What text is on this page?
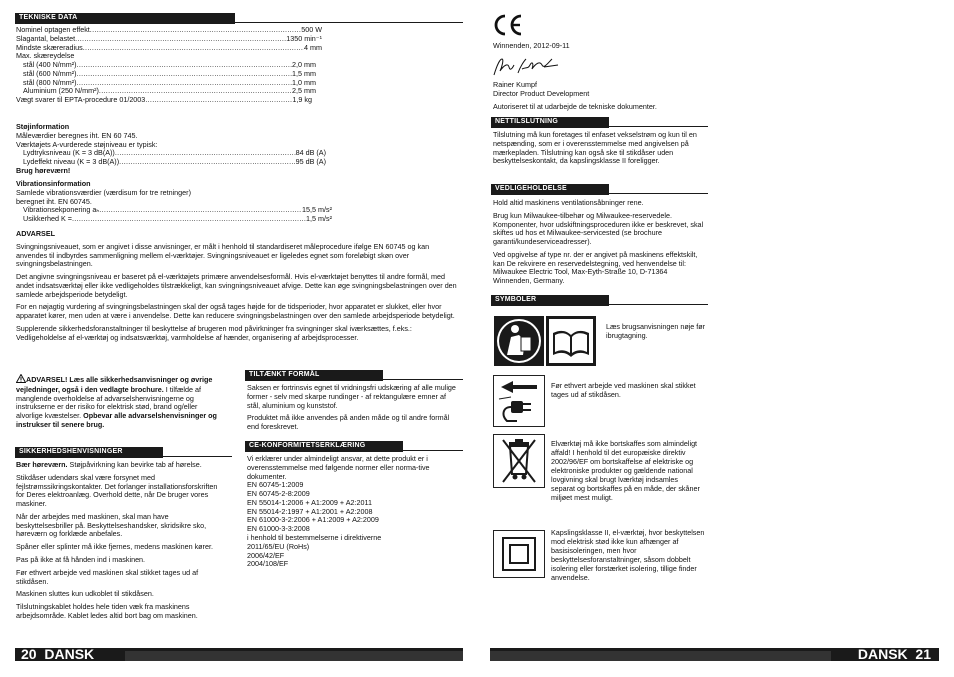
TEKNISKE DATA
Nominel optagen effekt .....	500 W
Slagantal, belastet .....	1350 min⁻¹
Mindste skæreradius .....	4 mm
Max. skæreydelse
stål (400 N/mm²) .....	2,0 mm
stål (600 N/mm²) .....	1,5 mm
stål (800 N/mm²) .....	1,0 mm
Aluminium (250 N/mm²) .....	2,5 mm
Vægt svarer til EPTA-procedure 01/2003 .....	1,9 kg
Støjinformation
Måleværdier beregnes iht. EN 60 745.
Værktøjets A-vurderede støjniveau er typisk:
Lydtryksniveau (K = 3 dB(A)) .....	84 dB (A)
Lydeffekt niveau (K = 3 dB(A)) .....	95 dB (A)
Brug høreværn!
Vibrationsinformation
Samlede vibrationsværdier (værdisum for tre retninger)
beregnet iht. EN 60745.
Vibrationsekponering aₕ .....	15,5 m/s²
Usikkerhed K = .....	1,5 m/s²

ADVARSEL

Svingningsniveauet, som er angivet i disse anvisninger, er målt i henhold til standardiseret måleprocedure ifølge EN 60745 og kan anvendes til indbyrdes sammenligning mellem el-værktøjer. Svingningsniveauet er ligeledes egnet som foreløbigt skøn over svingningsbelastningen.

Det angivne svingningsniveau er baseret på el-værktøjets primære anvendelsesformål. Hvis el-værktøjet benyttes til andre formål, med andet indsatsværktøj eller ikke vedligeholdes tilstrækkeligt, kan svingningsniveauet afvige. Dette kan øge svingningsbelastningen over den samlede arbejdsperiode betydeligt.

For en nøjagtig vurdering af svingningsbelastningen skal der også tages højde for de tidsperioder, hvor apparatet er slukket, eller hvor apparatet kører, men uden at være i anvendelse. Dette kan reducere svingningsbelastningen over den samlede arbejdsperiode betydeligt.

Supplerende sikkerhedsforanstaltninger til beskyttelse af brugeren mod påvirkninger fra svingninger skal iværksættes, f.eks.: Vedligeholdelse af el-værktøj og indsatsværktøj, varmholdelse af hænder, organisering af arbejdsprocesser.

ADVARSEL! Læs alle sikkerhedsanvisninger og øvrige vejledninger, også i den vedlagte brochure. I tilfælde af manglende overholdelse af advarselshenvisningerne og instrukserne er der risiko for elektrisk stød, brand og/eller alvorlige kvæstelser. Opbevar alle advarselshenvisninger og instrukser til senere brug.
SIKKERHEDSHENVISNINGER

Bær høreværn. Støjpåvirkning kan bevirke tab af hørelse.

Stikdåser udendørs skal være forsynet med fejlstrømssikringskontakter. Det forlanger installationsforskriften for Deres elektroanlæg. Overhold dette, når De bruger vores maskiner.

Når der arbejdes med maskinen, skal man have beskyttelsesbriller på. Beskyttelseshandsker, skridsikre sko, høreværn og forklæde anbefales.

Spåner eller splinter må ikke fjernes, medens maskinen kører.

Pas på ikke at få hånden ind i maskinen.

Før ethvert arbejde ved maskinen skal stikket tages ud af stikdåsen.

Maskinen sluttes kun udkoblet til stikdåsen.

Tilslutningskablet holdes hele tiden væk fra maskinens arbejdsområde. Kablet ledes altid bort bag om maskinen.

TILTÆNKT FORMÅL

Saksen er fortrinsvis egnet til vridningsfri udskæring af alle mulige former - selv med skarpe rundinger - af rektangulære emner af stål, aluminium og kunststof.

Produktet må ikke anvendes på anden måde og til andre formål end foreskrevet.

CE-KONFORMITETSERKLÆRING
Vi erklærer under almindeligt ansvar, at dette produkt er i overensstemmelse med følgende normer eller norma-tive dokumenter.
EN 60745-1:2009
EN 60745-2-8:2009
EN 55014-1:2006 + A1:2009 + A2:2011
EN 55014-2:1997 + A1:2001 + A2:2008
EN 61000-3-2:2006 + A1:2009 + A2:2009
EN 61000-3-3:2008
i henhold til bestemmelserne i direktiverne
2011/65/EU (RoHs)
2006/42/EF
2004/108/EF
20 DANSK
Winnenden, 2012-09-11
Rainer Kumpf
Director Product Development
Autoriseret til at udarbejde de tekniske dokumenter.
NETTILSLUTNING
Tilslutning må kun foretages til enfaset vekselstrøm og kun til en netspænding, som er i overensstemmelse med angivelsen på mærkepladen. Tilslutning kan også ske til stikdåser uden beskyttelseskontakt, da kapslingsklasse II foreligger.
VEDLIGEHOLDELSE

Hold altid maskinens ventilationsåbninger rene.

Brug kun Milwaukee-tilbehør og Milwaukee-reservedele. Komponenter, hvor udskiftningsproceduren ikke er beskrevet, skal skiftes ud hos et Milwaukee-servicested (se brochure garanti/kundeserviceadresser).

Ved opgivelse af type nr. der er angivet på maskinens effektskilt, kan De rekvirere en reservedelstegning, ved henvendelse til: Milwaukee Electric Tool, Max-Eyth-Straße 10, D-71364 Winnenden, Germany.

SYMBOLER
Læs brugsanvisningen nøje før ibrugtagning.
Før ethvert arbejde ved maskinen skal stikket tages ud af stikdåsen.
Elværktøj må ikke bortskaffes som almindeligt affald! I henhold til det europæiske direktiv 2002/96/EF om bortskaffelse af elektriske og elektroniske produkter og gældende national lovgivning skal brugt lværktøj indsamles separat og bortskaffes på en måde, der skåner miljøet mest muligt.
Kapslingsklasse II, el-værktøj, hvor beskyttelsen mod elektrisk stød ikke kun afhænger af basisisoleringen, men hvor beskyttelsesforanstaltninger, såsom dobbelt isolering eller forstærket isolering, tillige finder anvendelse.
DANSK 21
